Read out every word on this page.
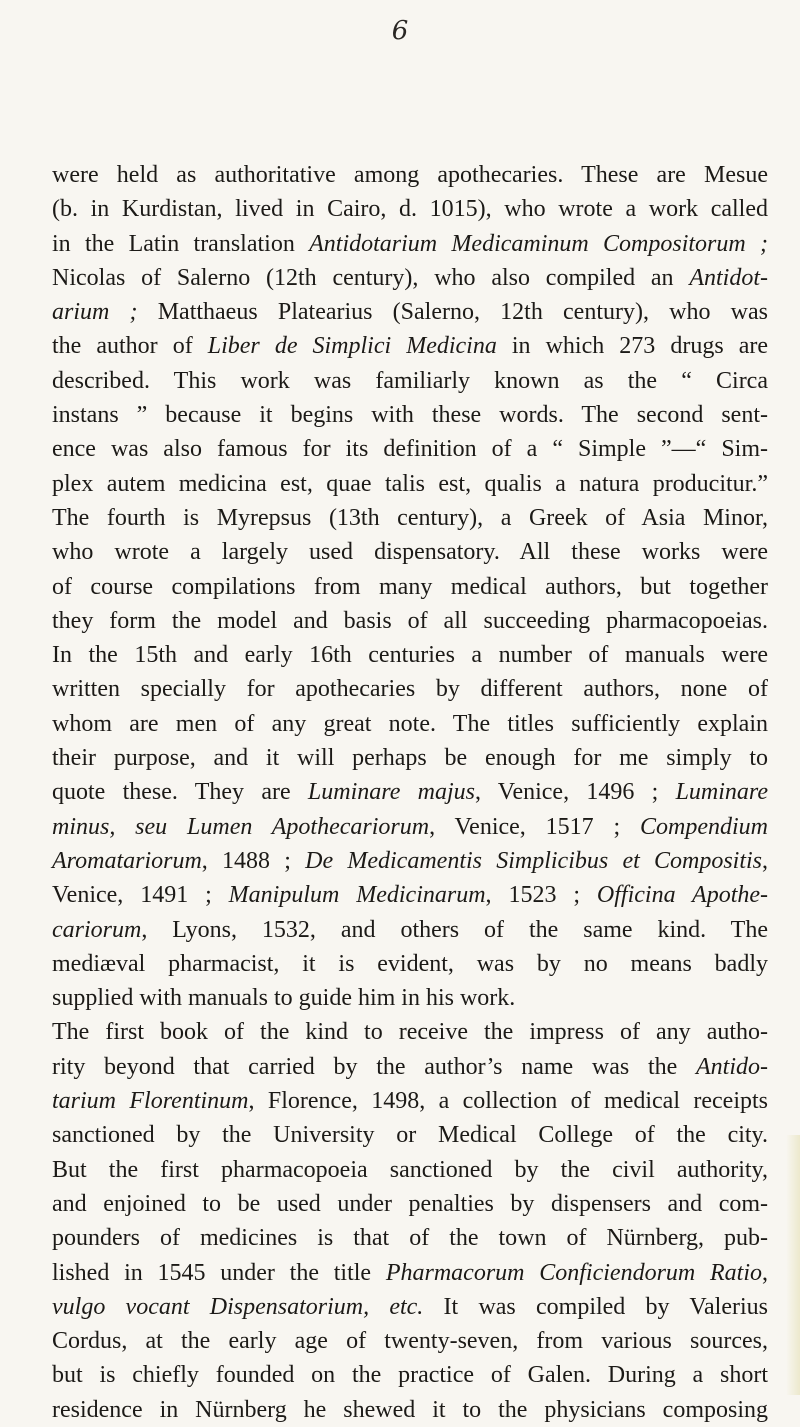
6
were held as authoritative among apothecaries. These are Mesue
(b. in Kurdistan, lived in Cairo, d. 1015), who wrote a work called
in the Latin translation Antidotarium Medicaminum Compositorum ;
Nicolas of Salerno (12th century), who also compiled an Antidot-
arium ; Matthaeus Platearius (Salerno, 12th century), who was
the author of Liber de Simplici Medicina in which 273 drugs are
described. This work was familiarly known as the “ Circa
instans ” because it begins with these words. The second sent-
ence was also famous for its definition of a “ Simple ”—“ Sim-
plex autem medicina est, quae talis est, qualis a natura producitur.”
The fourth is Myrepsus (13th century), a Greek of Asia Minor,
who wrote a largely used dispensatory. All these works were
of course compilations from many medical authors, but together
they form the model and basis of all succeeding pharmacopoeias.
In the 15th and early 16th centuries a number of manuals were
written specially for apothecaries by different authors, none of
whom are men of any great note. The titles sufficiently explain
their purpose, and it will perhaps be enough for me simply to
quote these. They are Luminare majus, Venice, 1496 ; Luminare
minus, seu Lumen Apothecariorum, Venice, 1517 ; Compendium
Aromatariorum, 1488 ; De Medicamentis Simplicibus et Compositis,
Venice, 1491 ; Manipulum Medicinarum, 1523 ; Officina Apothe-
cariorum, Lyons, 1532, and others of the same kind. The
mediæval pharmacist, it is evident, was by no means badly
supplied with manuals to guide him in his work.
The first book of the kind to receive the impress of any autho-
rity beyond that carried by the author’s name was the Antido-
tarium Florentinum, Florence, 1498, a collection of medical receipts
sanctioned by the University or Medical College of the city.
But the first pharmacopoeia sanctioned by the civil authority,
and enjoined to be used under penalties by dispensers and com-
pounders of medicines is that of the town of Nürnberg, pub-
lished in 1545 under the title Pharmacorum Conficiendorum Ratio,
vulgo vocant Dispensatorium, etc. It was compiled by Valerius
Cordus, at the early age of twenty-seven, from various sources,
but is chiefly founded on the practice of Galen. During a short
residence in Nürnberg he shewed it to the physicians composing
